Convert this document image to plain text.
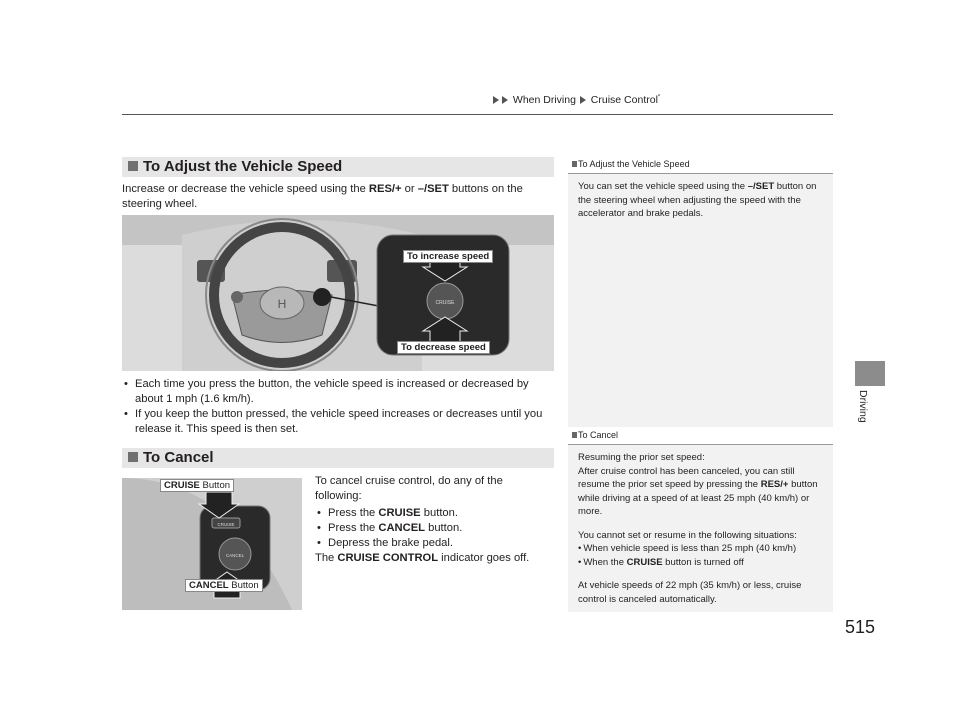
When Driving Cruise Control*
Driving
To Adjust the Vehicle Speed
Increase or decrease the vehicle speed using the RES/+ or –/SET buttons on the steering wheel.
H	CRUISE
To increase speed
To decrease speed
• Each time you press the button, the vehicle speed is increased or decreased by about 1 mph (1.6 km/h).
• If you keep the button pressed, the vehicle speed increases or decreases until you release it. This speed is then set.
To Cancel
CRUISE
CANCEL
CRUISE Button
CANCEL Button
To cancel cruise control, do any of the following:
• Press the CRUISE button.
• Press the CANCEL button.
• Depress the brake pedal.
The CRUISE CONTROL indicator goes off.
To Adjust the Vehicle Speed
You can set the vehicle speed using the –/SET button on the steering wheel when adjusting the speed with the accelerator and brake pedals.
To Cancel

Resuming the prior set speed:
After cruise control has been canceled, you can still resume the prior set speed by pressing the RES/+ button while driving at a speed of at least 25 mph (40 km/h) or more.

You cannot set or resume in the following situations:

• When vehicle speed is less than 25 mph (40 km/h)
• When the CRUISE button is turned off

At vehicle speeds of 22 mph (35 km/h) or less, cruise control is canceled automatically.

515
